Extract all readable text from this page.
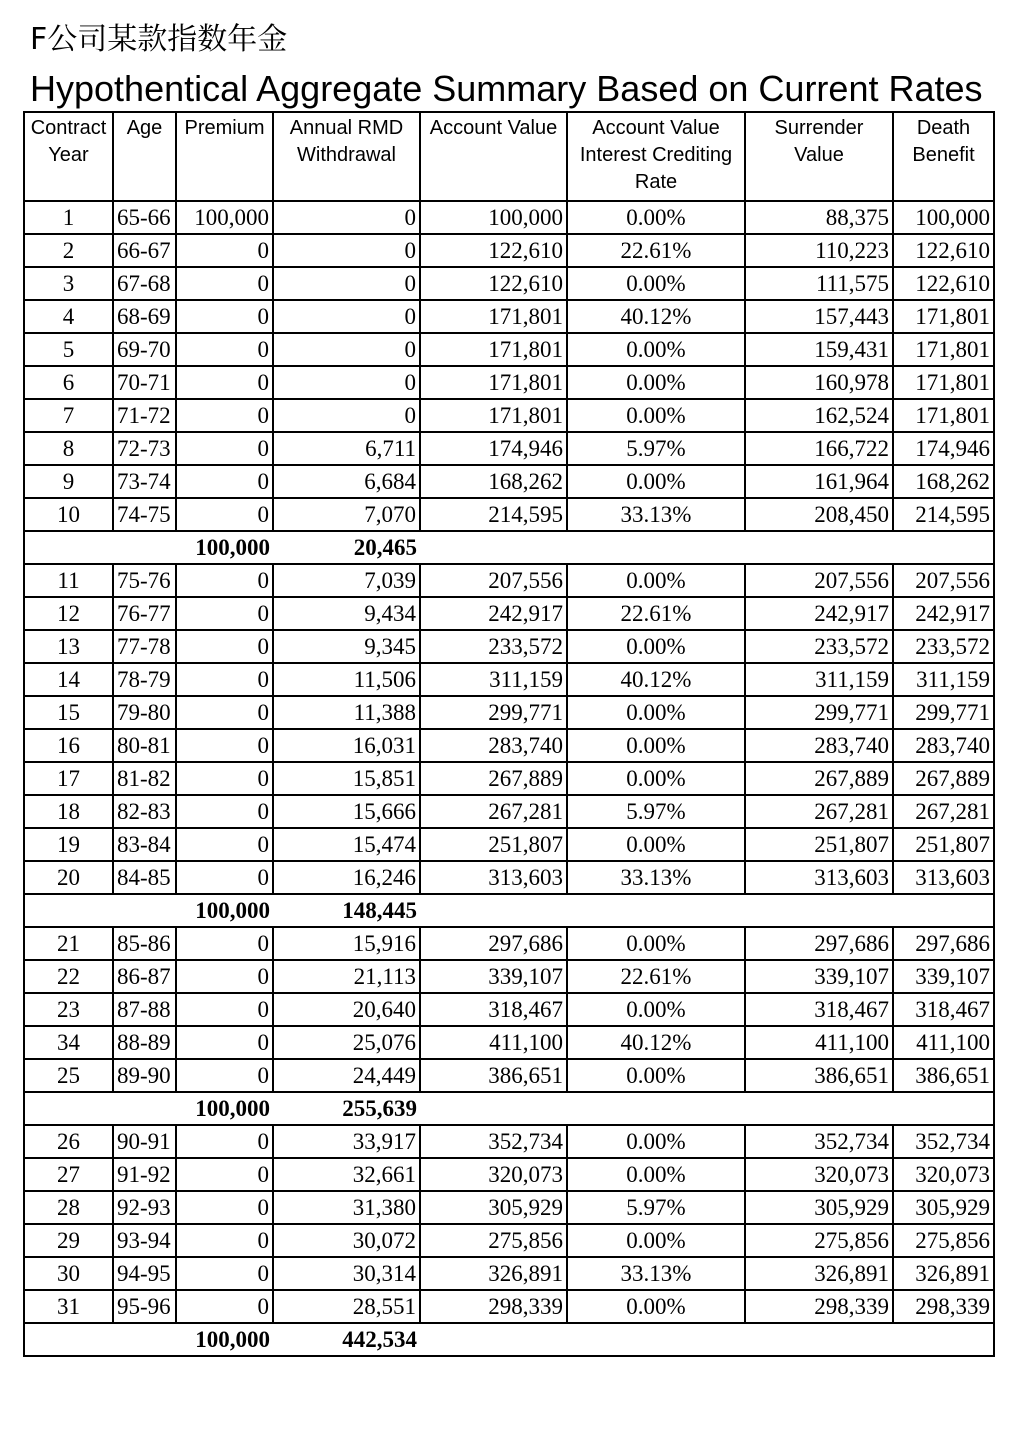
F公司某款指数年金
Hypothentical Aggregate Summary Based on Current Rates
Contract Year	Age	Premium	Annual RMD Withdrawal	Account Value	Account Value Interest Crediting Rate	Surrender Value	Death Benefit
1	65-66	100,000	0	100,000	0.00%	88,375	100,000
2	66-67	0	0	122,610	22.61%	110,223	122,610
3	67-68	0	0	122,610	0.00%	111,575	122,610
4	68-69	0	0	171,801	40.12%	157,443	171,801
5	69-70	0	0	171,801	0.00%	159,431	171,801
6	70-71	0	0	171,801	0.00%	160,978	171,801
7	71-72	0	0	171,801	0.00%	162,524	171,801
8	72-73	0	6,711	174,946	5.97%	166,722	174,946
9	73-74	0	6,684	168,262	0.00%	161,964	168,262
10	74-75	0	7,070	214,595	33.13%	208,450	214,595
		100,000	20,465				
11	75-76	0	7,039	207,556	0.00%	207,556	207,556
12	76-77	0	9,434	242,917	22.61%	242,917	242,917
13	77-78	0	9,345	233,572	0.00%	233,572	233,572
14	78-79	0	11,506	311,159	40.12%	311,159	311,159
15	79-80	0	11,388	299,771	0.00%	299,771	299,771
16	80-81	0	16,031	283,740	0.00%	283,740	283,740
17	81-82	0	15,851	267,889	0.00%	267,889	267,889
18	82-83	0	15,666	267,281	5.97%	267,281	267,281
19	83-84	0	15,474	251,807	0.00%	251,807	251,807
20	84-85	0	16,246	313,603	33.13%	313,603	313,603
		100,000	148,445				
21	85-86	0	15,916	297,686	0.00%	297,686	297,686
22	86-87	0	21,113	339,107	22.61%	339,107	339,107
23	87-88	0	20,640	318,467	0.00%	318,467	318,467
34	88-89	0	25,076	411,100	40.12%	411,100	411,100
25	89-90	0	24,449	386,651	0.00%	386,651	386,651
		100,000	255,639				
26	90-91	0	33,917	352,734	0.00%	352,734	352,734
27	91-92	0	32,661	320,073	0.00%	320,073	320,073
28	92-93	0	31,380	305,929	5.97%	305,929	305,929
29	93-94	0	30,072	275,856	0.00%	275,856	275,856
30	94-95	0	30,314	326,891	33.13%	326,891	326,891
31	95-96	0	28,551	298,339	0.00%	298,339	298,339
		100,000	442,534				
